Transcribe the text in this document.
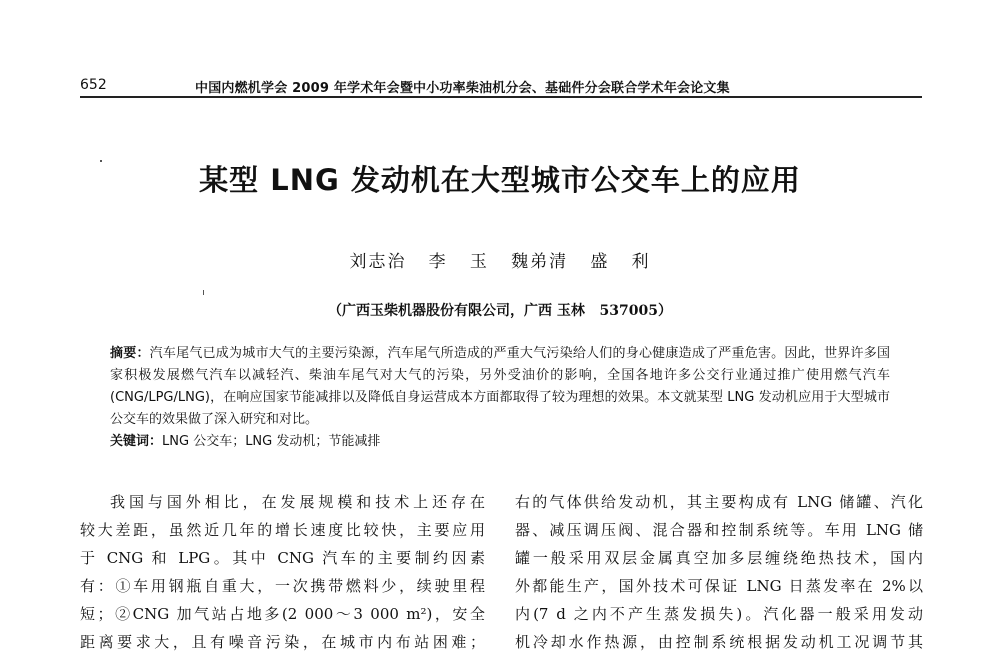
652	中国内燃机学会 2009 年学术年会暨中小功率柴油机分会、基础件分会联合学术年会论文集
某型 LNG 发动机在大型城市公交车上的应用
刘志治   李   玉   魏弟清   盛   利
（广西玉柴机器股份有限公司，广西 玉林   537005）

摘要：汽车尾气已成为城市大气的主要污染源，汽车尾气所造成的严重大气污染给人们的身心健康造成了严重危害。因此，世界许多国家积极发展燃气汽车以减轻汽、柴油车尾气对大气的污染，另外受油价的影响，全国各地许多公交行业通过推广使用燃气汽车(CNG/LPG/LNG)，在响应国家节能减排以及降低自身运营成本方面都取得了较为理想的效果。本文就某型 LNG 发动机应用于大型城市公交车的效果做了深入研究和对比。

关键词：LNG 公交车；LNG 发动机；节能减排

我国与国外相比，在发展规模和技术上还存在
较大差距，虽然近几年的增长速度比较快，主要应用
于 CNG 和 LPG。其中 CNG 汽车的主要制约因素
有：①车用钢瓶自重大，一次携带燃料少，续驶里程
短；②CNG 加气站占地多(2 000～3 000 m²)，安全
距离要求大，且有噪音污染，在城市内布站困难；
右的气体供给发动机，其主要构成有 LNG 储罐、汽化
器、减压调压阀、混合器和控制系统等。车用 LNG 储
罐一般采用双层金属真空加多层缠绕绝热技术，国内
外都能生产，国外技术可保证 LNG 日蒸发率在 2%以
内(7 d 之内不产生蒸发损失)。汽化器一般采用发动
机冷却水作热源，由控制系统根据发动机工况调节其
